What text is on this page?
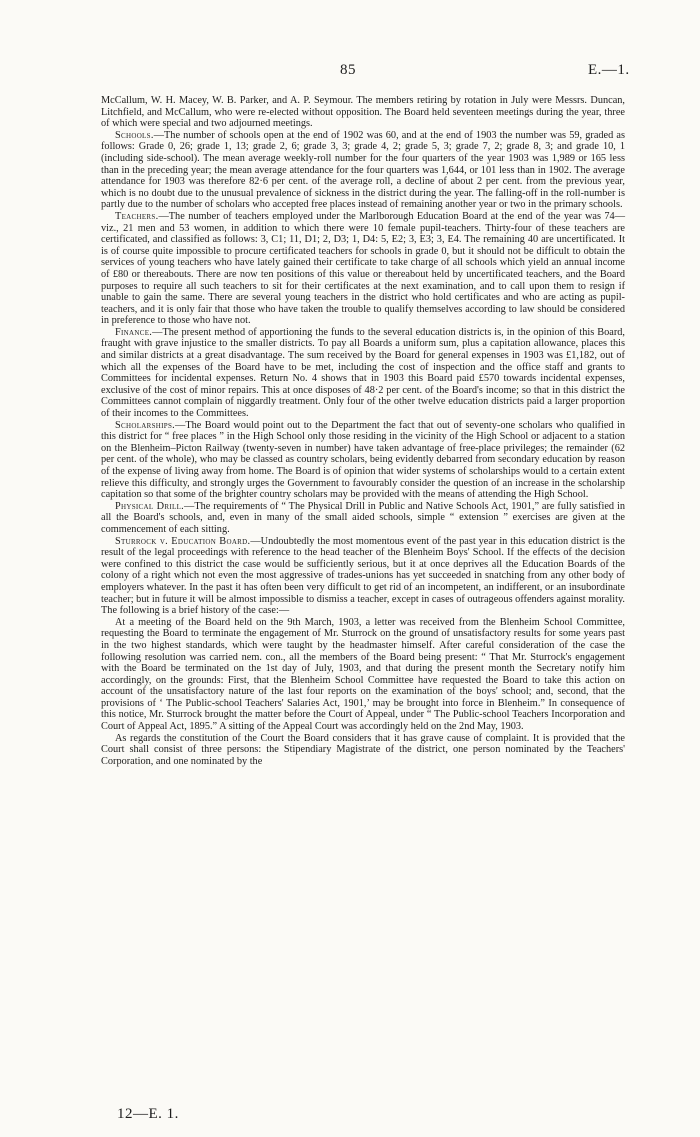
85	E.—1.

McCallum, W. H. Macey, W. B. Parker, and A. P. Seymour. The members retiring by rotation in July were Messrs. Duncan, Litchfield, and McCallum, who were re-elected without opposition. The Board held seventeen meetings during the year, three of which were special and two adjourned meetings.

Schools.—The number of schools open at the end of 1902 was 60, and at the end of 1903 the number was 59, graded as follows: Grade 0, 26; grade 1, 13; grade 2, 6; grade 3, 3; grade 4, 2; grade 5, 3; grade 7, 2; grade 8, 3; and grade 10, 1 (including side-school). The mean average weekly-roll number for the four quarters of the year 1903 was 1,989 or 165 less than in the preceding year; the mean average attendance for the four quarters was 1,644, or 101 less than in 1902. The average attendance for 1903 was therefore 82·6 per cent. of the average roll, a decline of about 2 per cent. from the previous year, which is no doubt due to the unusual prevalence of sickness in the district during the year. The falling-off in the roll-number is partly due to the number of scholars who accepted free places instead of remaining another year or two in the primary schools.

Teachers.—The number of teachers employed under the Marlborough Education Board at the end of the year was 74—viz., 21 men and 53 women, in addition to which there were 10 female pupil-teachers. Thirty-four of these teachers are certificated, and classified as follows: 3, C1; 11, D1; 2, D3; 1, D4: 5, E2; 3, E3; 3, E4. The remaining 40 are uncertificated. It is of course quite impossible to procure certificated teachers for schools in grade 0, but it should not be difficult to obtain the services of young teachers who have lately gained their certificate to take charge of all schools which yield an annual income of £80 or thereabouts. There are now ten positions of this value or thereabout held by uncertificated teachers, and the Board purposes to require all such teachers to sit for their certificates at the next examination, and to call upon them to resign if unable to gain the same. There are several young teachers in the district who hold certificates and who are acting as pupil-teachers, and it is only fair that those who have taken the trouble to qualify themselves according to law should be considered in preference to those who have not.

Finance.—The present method of apportioning the funds to the several education districts is, in the opinion of this Board, fraught with grave injustice to the smaller districts. To pay all Boards a uniform sum, plus a capitation allowance, places this and similar districts at a great disadvantage. The sum received by the Board for general expenses in 1903 was £1,182, out of which all the expenses of the Board have to be met, including the cost of inspection and the office staff and grants to Committees for incidental expenses. Return No. 4 shows that in 1903 this Board paid £570 towards incidental expenses, exclusive of the cost of minor repairs. This at once disposes of 48·2 per cent. of the Board's income; so that in this district the Committees cannot complain of niggardly treatment. Only four of the other twelve education districts paid a larger proportion of their incomes to the Committees.

Scholarships.—The Board would point out to the Department the fact that out of seventy-one scholars who qualified in this district for “ free places ” in the High School only those residing in the vicinity of the High School or adjacent to a station on the Blenheim–Picton Railway (twenty-seven in number) have taken advantage of free-place privileges; the remainder (62 per cent. of the whole), who may be classed as country scholars, being evidently debarred from secondary education by reason of the expense of living away from home. The Board is of opinion that wider systems of scholarships would to a certain extent relieve this difficulty, and strongly urges the Government to favourably consider the question of an increase in the scholarship capitation so that some of the brighter country scholars may be provided with the means of attending the High School.

Physical Drill.—The requirements of “ The Physical Drill in Public and Native Schools Act, 1901,” are fully satisfied in all the Board's schools, and, even in many of the small aided schools, simple “ extension ” exercises are given at the commencement of each sitting.

Sturrock v. Education Board.—Undoubtedly the most momentous event of the past year in this education district is the result of the legal proceedings with reference to the head teacher of the Blenheim Boys' School. If the effects of the decision were confined to this district the case would be sufficiently serious, but it at once deprives all the Education Boards of the colony of a right which not even the most aggressive of trades-unions has yet succeeded in snatching from any other body of employers whatever. In the past it has often been very difficult to get rid of an incompetent, an indifferent, or an insubordinate teacher; but in future it will be almost impossible to dismiss a teacher, except in cases of outrageous offenders against morality. The following is a brief history of the case:—

At a meeting of the Board held on the 9th March, 1903, a letter was received from the Blenheim School Committee, requesting the Board to terminate the engagement of Mr. Sturrock on the ground of unsatisfactory results for some years past in the two highest standards, which were taught by the headmaster himself. After careful consideration of the case the following resolution was carried nem. con., all the members of the Board being present: “ That Mr. Sturrock's engagement with the Board be terminated on the 1st day of July, 1903, and that during the present month the Secretary notify him accordingly, on the grounds: First, that the Blenheim School Committee have requested the Board to take this action on account of the unsatisfactory nature of the last four reports on the examination of the boys' school; and, second, that the provisions of ‘ The Public-school Teachers' Salaries Act, 1901,’ may be brought into force in Blenheim.” In consequence of this notice, Mr. Sturrock brought the matter before the Court of Appeal, under “ The Public-school Teachers Incorporation and Court of Appeal Act, 1895.” A sitting of the Appeal Court was accordingly held on the 2nd May, 1903.

As regards the constitution of the Court the Board considers that it has grave cause of complaint. It is provided that the Court shall consist of three persons: the Stipendiary Magistrate of the district, one person nominated by the Teachers' Corporation, and one nominated by the

12—E. 1.
